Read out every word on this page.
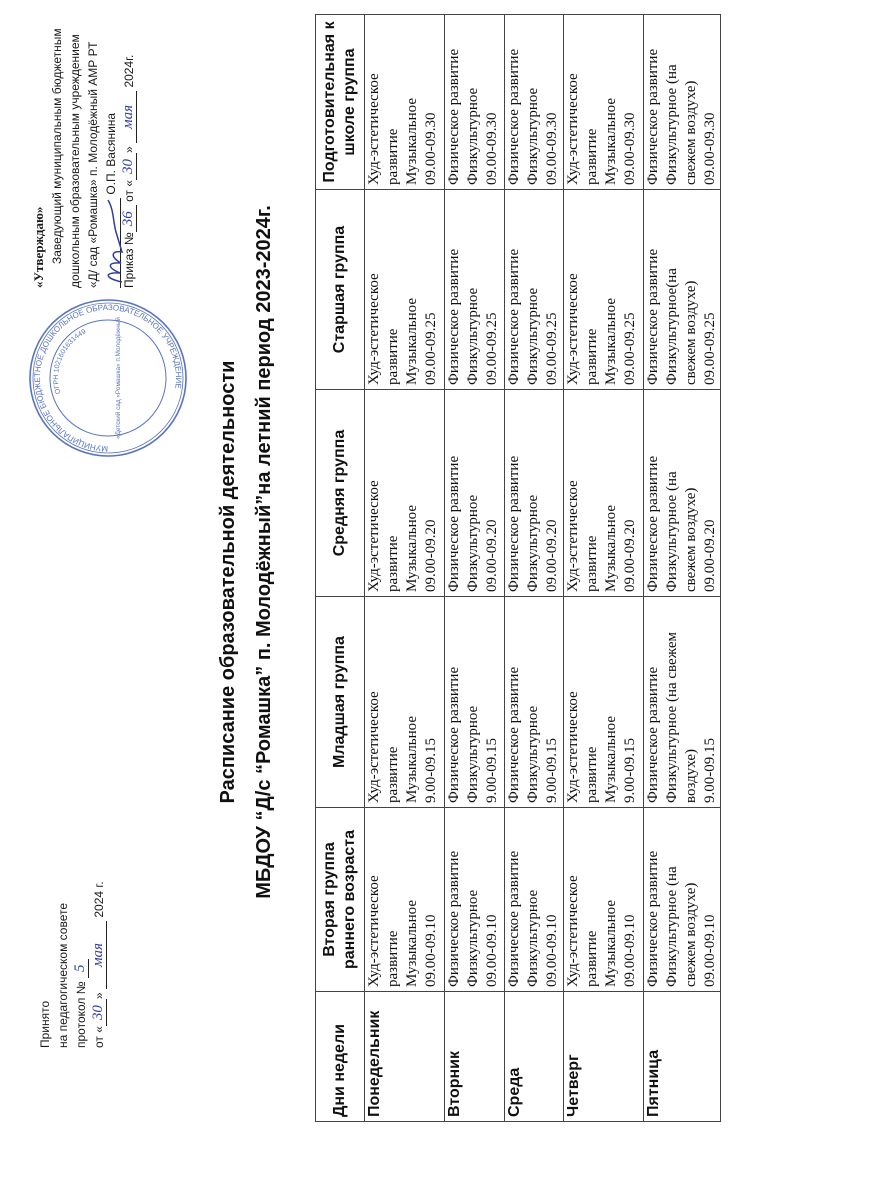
Принято на педагогическом совете протокол № 5
от «30» мая 2024 г.
«Утверждаю» Заведующий муниципальным бюджетным дошкольным образовательным учреждением «Д/ сад «Ромашка» п. Молодёжный АМР РТ О.П. Васянина
Приказ №36 от «30» мая 2024г.
МУНИЦИПАЛЬНОЕ БЮДЖЕТНОЕ ДОШКОЛЬНОЕ ОБРАЗОВАТЕЛЬНОЕ УЧРЕЖДЕНИЕ
ОГРН 1021601631449	«Детский сад «Ромашка» п.Молодёжный	Расписание образовательной деятельности МБДОУ “Д/с “Ромашка” п. Молодёжный”на летний период 2023-2024г.
Дни недели	Вторая группа раннего возраста	Младшая группа	Средняя группа	Старшая группа	Подготовительная к школе группа
Понедельник	Худ-эстетическое развитие Музыкальное 09.00-09.10	Худ-эстетическое развитие Музыкальное 9.00-09.15	Худ-эстетическое развитие Музыкальное 09.00-09.20	Худ-эстетическое развитие Музыкальное 09.00-09.25	Худ-эстетическое развитие Музыкальное 09.00-09.30

Вторник	Физическое развитие Физкультурное 09.00-09.10	Физическое развитие Физкультурное 9.00-09.15	Физическое развитие Физкультурное 09.00-09.20	Физическое развитие Физкультурное 09.00-09.25	Физическое развитие Физкультурное 09.00-09.30

Среда	Физическое развитие Физкультурное 09.00-09.10	Физическое развитие Физкультурное 9.00-09.15	Физическое развитие Физкультурное 09.00-09.20	Физическое развитие Физкультурное 09.00-09.25	Физическое развитие Физкультурное 09.00-09.30

Четверг	Худ-эстетическое развитие Музыкальное 09.00-09.10	Худ-эстетическое развитие Музыкальное 9.00-09.15	Худ-эстетическое развитие Музыкальное 09.00-09.20	Худ-эстетическое развитие Музыкальное 09.00-09.25	Худ-эстетическое развитие Музыкальное 09.00-09.30

Пятница	Физическое развитие Физкультурное (на свежем воздухе) 09.00-09.10	Физическое развитие Физкультурное (на свежем воздухе) 9.00-09.15	Физическое развитие Физкультурное (на свежем воздухе) 09.00-09.20	Физическое развитие Физкультурное(на свежем воздухе) 09.00-09.25	Физическое развитие Физкультурное (на свежем воздухе) 09.00-09.30
